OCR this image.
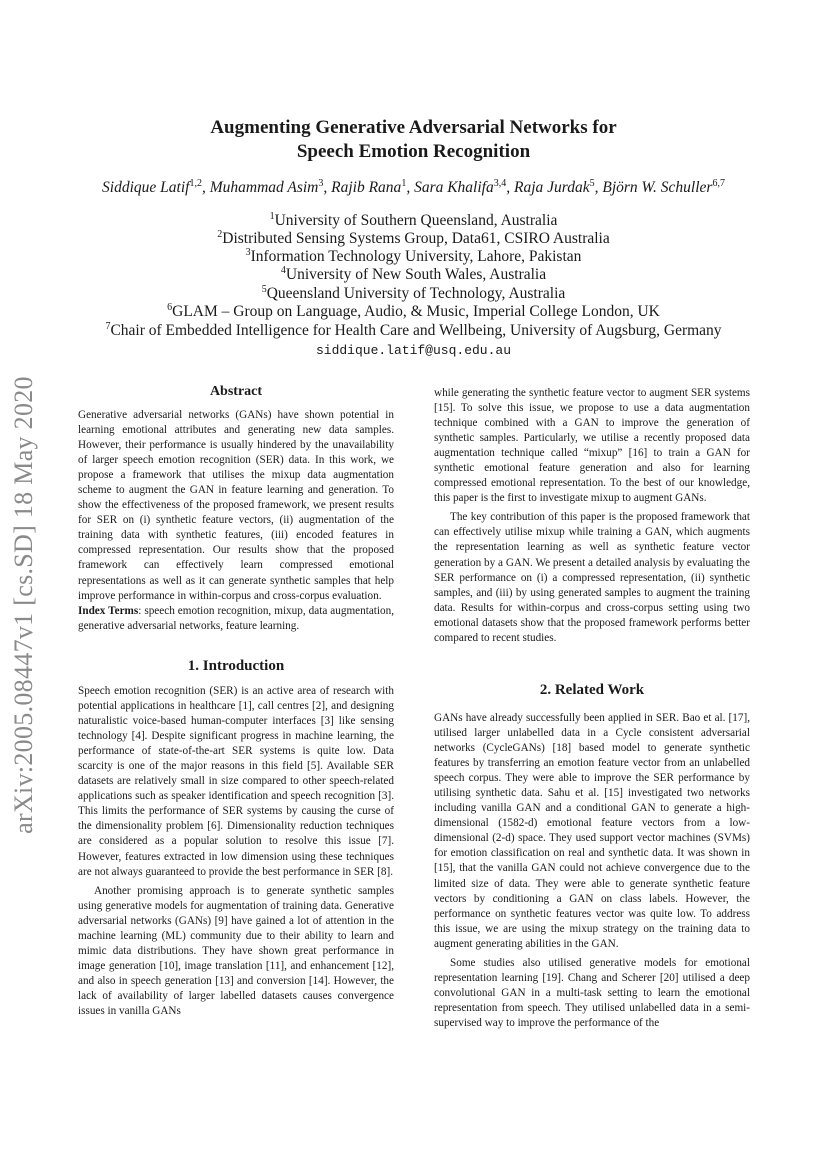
arXiv:2005.08447v1 [cs.SD] 18 May 2020
Augmenting Generative Adversarial Networks for
Speech Emotion Recognition
Siddique Latif$^{1,2}$, Muhammad Asim$^3$, Rajib Rana$^1$, Sara Khalifa$^{3,4}$, Raja Jurdak$^5$, Björn W. Schuller$^{6,7}$
$^1$University of Southern Queensland, Australia
$^2$Distributed Sensing Systems Group, Data61, CSIRO Australia
$^3$Information Technology University, Lahore, Pakistan
$^4$University of New South Wales, Australia
$^5$Queensland University of Technology, Australia
$^6$GLAM – Group on Language, Audio, & Music, Imperial College London, UK
$^7$Chair of Embedded Intelligence for Health Care and Wellbeing, University of Augsburg, Germany
siddique.latif@usq.edu.au
Abstract

Generative adversarial networks (GANs) have shown potential in learning emotional attributes and generating new data samples. However, their performance is usually hindered by the unavailability of larger speech emotion recognition (SER) data. In this work, we propose a framework that utilises the mixup data augmentation scheme to augment the GAN in feature learning and generation. To show the effectiveness of the proposed framework, we present results for SER on (i) synthetic feature vectors, (ii) augmentation of the training data with synthetic features, (iii) encoded features in compressed representation. Our results show that the proposed framework can effectively learn compressed emotional representations as well as it can generate synthetic samples that help improve performance in within-corpus and cross-corpus evaluation.

Index Terms: speech emotion recognition, mixup, data augmentation, generative adversarial networks, feature learning.

1. Introduction

Speech emotion recognition (SER) is an active area of research with potential applications in healthcare [1], call centres [2], and designing naturalistic voice-based human-computer interfaces [3] like sensing technology [4]. Despite significant progress in machine learning, the performance of state-of-the-art SER systems is quite low. Data scarcity is one of the major reasons in this field [5]. Available SER datasets are relatively small in size compared to other speech-related applications such as speaker identification and speech recognition [3]. This limits the performance of SER systems by causing the curse of the dimensionality problem [6]. Dimensionality reduction techniques are considered as a popular solution to resolve this issue [7]. However, features extracted in low dimension using these techniques are not always guaranteed to provide the best performance in SER [8].

Another promising approach is to generate synthetic samples using generative models for augmentation of training data. Generative adversarial networks (GANs) [9] have gained a lot of attention in the machine learning (ML) community due to their ability to learn and mimic data distributions. They have shown great performance in image generation [10], image translation [11], and enhancement [12], and also in speech generation [13] and conversion [14]. However, the lack of availability of larger labelled datasets causes convergence issues in vanilla GANs

while generating the synthetic feature vector to augment SER systems [15]. To solve this issue, we propose to use a data augmentation technique combined with a GAN to improve the generation of synthetic samples. Particularly, we utilise a recently proposed data augmentation technique called “mixup” [16] to train a GAN for synthetic emotional feature generation and also for learning compressed emotional representation. To the best of our knowledge, this paper is the first to investigate mixup to augment GANs.

The key contribution of this paper is the proposed framework that can effectively utilise mixup while training a GAN, which augments the representation learning as well as synthetic feature vector generation by a GAN. We present a detailed analysis by evaluating the SER performance on (i) a compressed representation, (ii) synthetic samples, and (iii) by using generated samples to augment the training data. Results for within-corpus and cross-corpus setting using two emotional datasets show that the proposed framework performs better compared to recent studies.

2. Related Work

GANs have already successfully been applied in SER. Bao et al. [17], utilised larger unlabelled data in a Cycle consistent adversarial networks (CycleGANs) [18] based model to generate synthetic features by transferring an emotion feature vector from an unlabelled speech corpus. They were able to improve the SER performance by utilising synthetic data. Sahu et al. [15] investigated two networks including vanilla GAN and a conditional GAN to generate a high-dimensional (1582-d) emotional feature vectors from a low-dimensional (2-d) space. They used support vector machines (SVMs) for emotion classification on real and synthetic data. It was shown in [15], that the vanilla GAN could not achieve convergence due to the limited size of data. They were able to generate synthetic feature vectors by conditioning a GAN on class labels. However, the performance on synthetic features vector was quite low. To address this issue, we are using the mixup strategy on the training data to augment generating abilities in the GAN.

Some studies also utilised generative models for emotional representation learning [19]. Chang and Scherer [20] utilised a deep convolutional GAN in a multi-task setting to learn the emotional representation from speech. They utilised unlabelled data in a semi-supervised way to improve the performance of the
